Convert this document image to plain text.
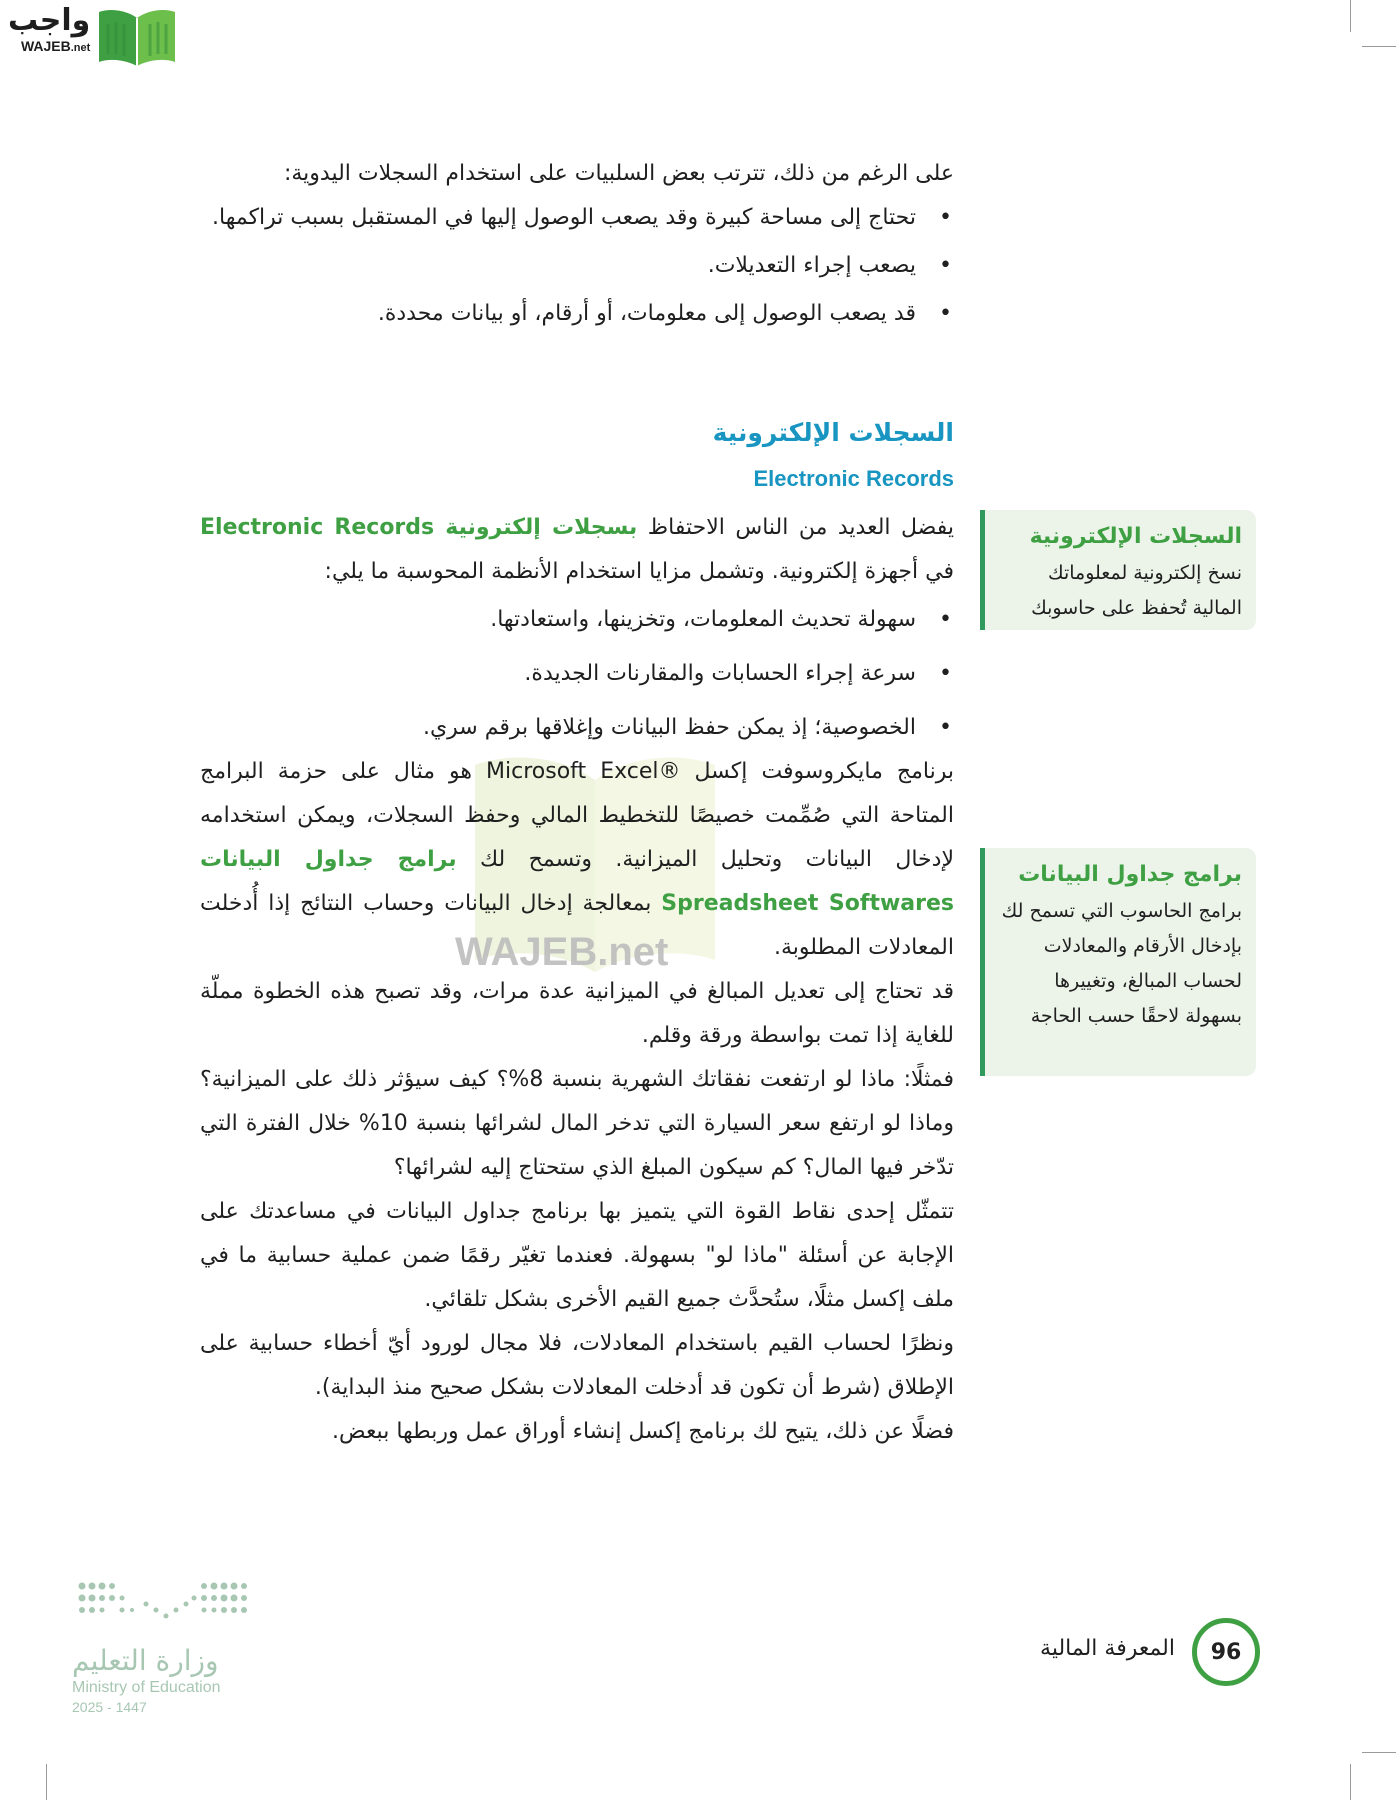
واجب
WAJEB.net
WAJEB.net

على الرغم من ذلك، تترتب بعض السلبيات على استخدام السجلات اليدوية:

• تحتاج إلى مساحة كبيرة وقد يصعب الوصول إليها في المستقبل بسبب تراكمها.
• يصعب إجراء التعديلات.
• قد يصعب الوصول إلى معلومات، أو أرقام، أو بيانات محددة.
السجلات الإلكترونية
Electronic Records

يفضل العديد من الناس الاحتفاظ بسجلات إلكترونية Electronic Records في أجهزة إلكترونية. وتشمل مزايا استخدام الأنظمة المحوسبة ما يلي:

• سهولة تحديث المعلومات، وتخزينها، واستعادتها.
• سرعة إجراء الحسابات والمقارنات الجديدة.
• الخصوصية؛ إذ يمكن حفظ البيانات وإغلاقها برقم سري.

برنامج مايكروسوفت إكسل ®Microsoft Excel هو مثال على حزمة البرامج المتاحة التي صُمِّمت خصيصًا للتخطيط المالي وحفظ السجلات، ويمكن استخدامه لإدخال البيانات وتحليل الميزانية. وتسمح لك برامج جداول البيانات Spreadsheet Softwares بمعالجة إدخال البيانات وحساب النتائج إذا أُدخلت المعادلات المطلوبة.

قد تحتاج إلى تعديل المبالغ في الميزانية عدة مرات، وقد تصبح هذه الخطوة مملّة للغاية إذا تمت بواسطة ورقة وقلم.

فمثلًا: ماذا لو ارتفعت نفقاتك الشهرية بنسبة 8%؟ كيف سيؤثر ذلك على الميزانية؟ وماذا لو ارتفع سعر السيارة التي تدخر المال لشرائها بنسبة 10% خلال الفترة التي تدّخر فيها المال؟ كم سيكون المبلغ الذي ستحتاج إليه لشرائها؟

تتمثّل إحدى نقاط القوة التي يتميز بها برنامج جداول البيانات في مساعدتك على الإجابة عن أسئلة "ماذا لو" بسهولة. فعندما تغيّر رقمًا ضمن عملية حسابية ما في ملف إكسل مثلًا، ستُحدَّث جميع القيم الأخرى بشكل تلقائي.

ونظرًا لحساب القيم باستخدام المعادلات، فلا مجال لورود أيّ أخطاء حسابية على الإطلاق (شرط أن تكون قد أدخلت المعادلات بشكل صحيح منذ البداية).

فضلًا عن ذلك، يتيح لك برنامج إكسل إنشاء أوراق عمل وربطها ببعض.

السجلات الإلكترونية
نسخ إلكترونية لمعلوماتك المالية تُحفظ على حاسوبك
برامج جداول البيانات
برامج الحاسوب التي تسمح لك بإدخال الأرقام والمعادلات لحساب المبالغ، وتغييرها بسهولة لاحقًا حسب الحاجة
وزارة التعليم
Ministry of Education
2025 - 1447
المعرفة المالية	96
